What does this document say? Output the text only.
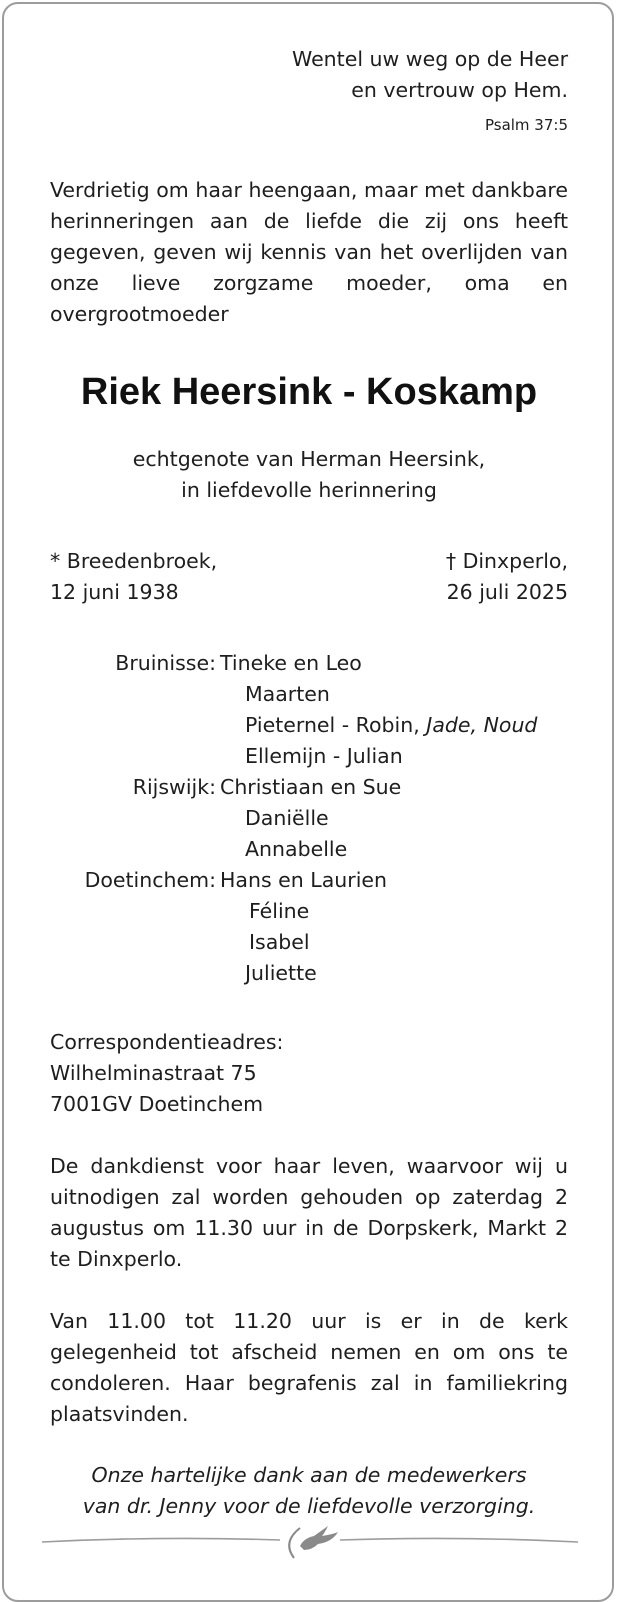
Wentel uw weg op de Heer

en vertrouw op Hem.

Psalm 37:5

Verdrietig om haar heengaan, maar met dankbare herinneringen aan de liefde die zij ons heeft gegeven, geven wij kennis van het overlijden van onze lieve zorgzame moeder, oma en overgrootmoeder

Riek Heersink - Koskamp
echtgenote van Herman Heersink,
in liefdevolle herinnering
* Breedenbroek,
12 juni 1938
† Dinxperlo,
26 juli 2025
Bruinisse: Tineke en Leo
Maarten
Pieternel - Robin, Jade, Noud
Ellemijn - Julian
Rijswijk: Christiaan en Sue
Daniëlle
Annabelle
Doetinchem: Hans en Laurien
Féline
Isabel
Juliette
Correspondentieadres:
Wilhelminastraat 75
7001GV Doetinchem

De dankdienst voor haar leven, waarvoor wij u uitnodigen zal worden gehouden op zaterdag 2 augustus om 11.30 uur in de Dorpskerk, Markt 2 te Dinxperlo.

Van 11.00 tot 11.20 uur is er in de kerk gelegenheid tot afscheid nemen en om ons te condoleren. Haar begrafenis zal in familiekring plaatsvinden.

Onze hartelijke dank aan de medewerkers
van dr. Jenny voor de liefdevolle verzorging.
